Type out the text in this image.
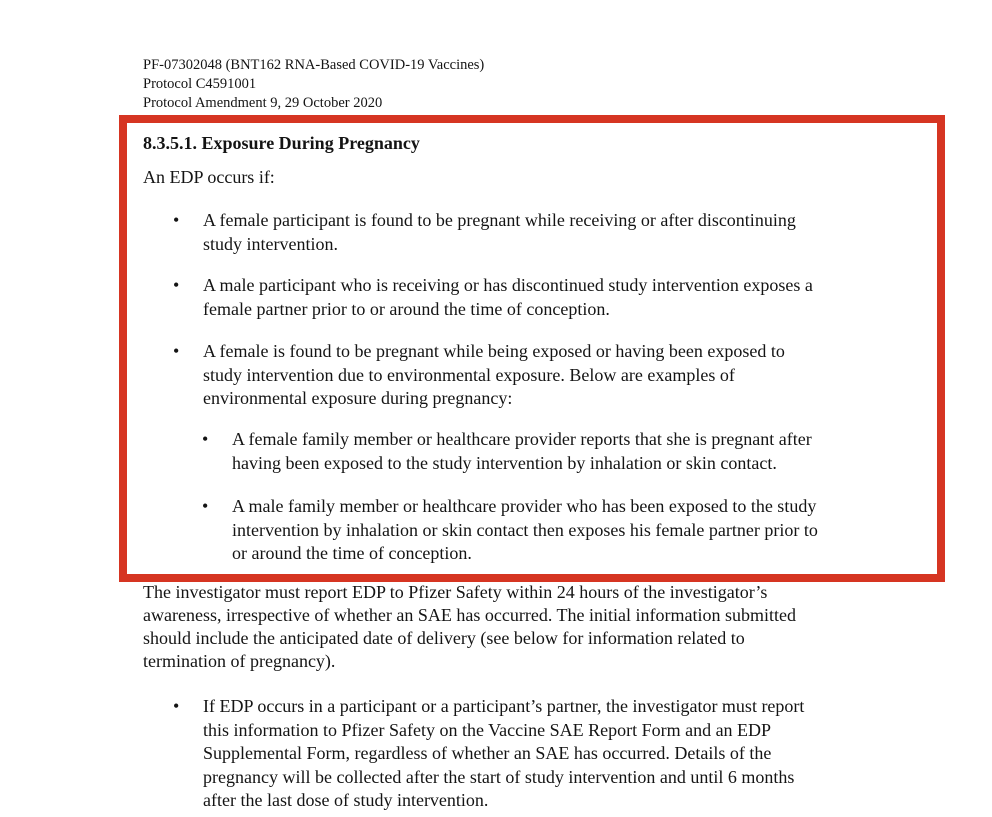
PF-07302048 (BNT162 RNA-Based COVID-19 Vaccines)
Protocol C4591001
Protocol Amendment 9, 29 October 2020
8.3.5.1. Exposure During Pregnancy
An EDP occurs if:
• A female participant is found to be pregnant while receiving or after discontinuing
study intervention.
• A male participant who is receiving or has discontinued study intervention exposes a
female partner prior to or around the time of conception.
• A female is found to be pregnant while being exposed or having been exposed to
study intervention due to environmental exposure. Below are examples of
environmental exposure during pregnancy:
• A female family member or healthcare provider reports that she is pregnant after
having been exposed to the study intervention by inhalation or skin contact.
• A male family member or healthcare provider who has been exposed to the study
intervention by inhalation or skin contact then exposes his female partner prior to
or around the time of conception.
The investigator must report EDP to Pfizer Safety within 24 hours of the investigator’s
awareness, irrespective of whether an SAE has occurred. The initial information submitted
should include the anticipated date of delivery (see below for information related to
termination of pregnancy).
• If EDP occurs in a participant or a participant’s partner, the investigator must report
this information to Pfizer Safety on the Vaccine SAE Report Form and an EDP
Supplemental Form, regardless of whether an SAE has occurred. Details of the
pregnancy will be collected after the start of study intervention and until 6 months
after the last dose of study intervention.
